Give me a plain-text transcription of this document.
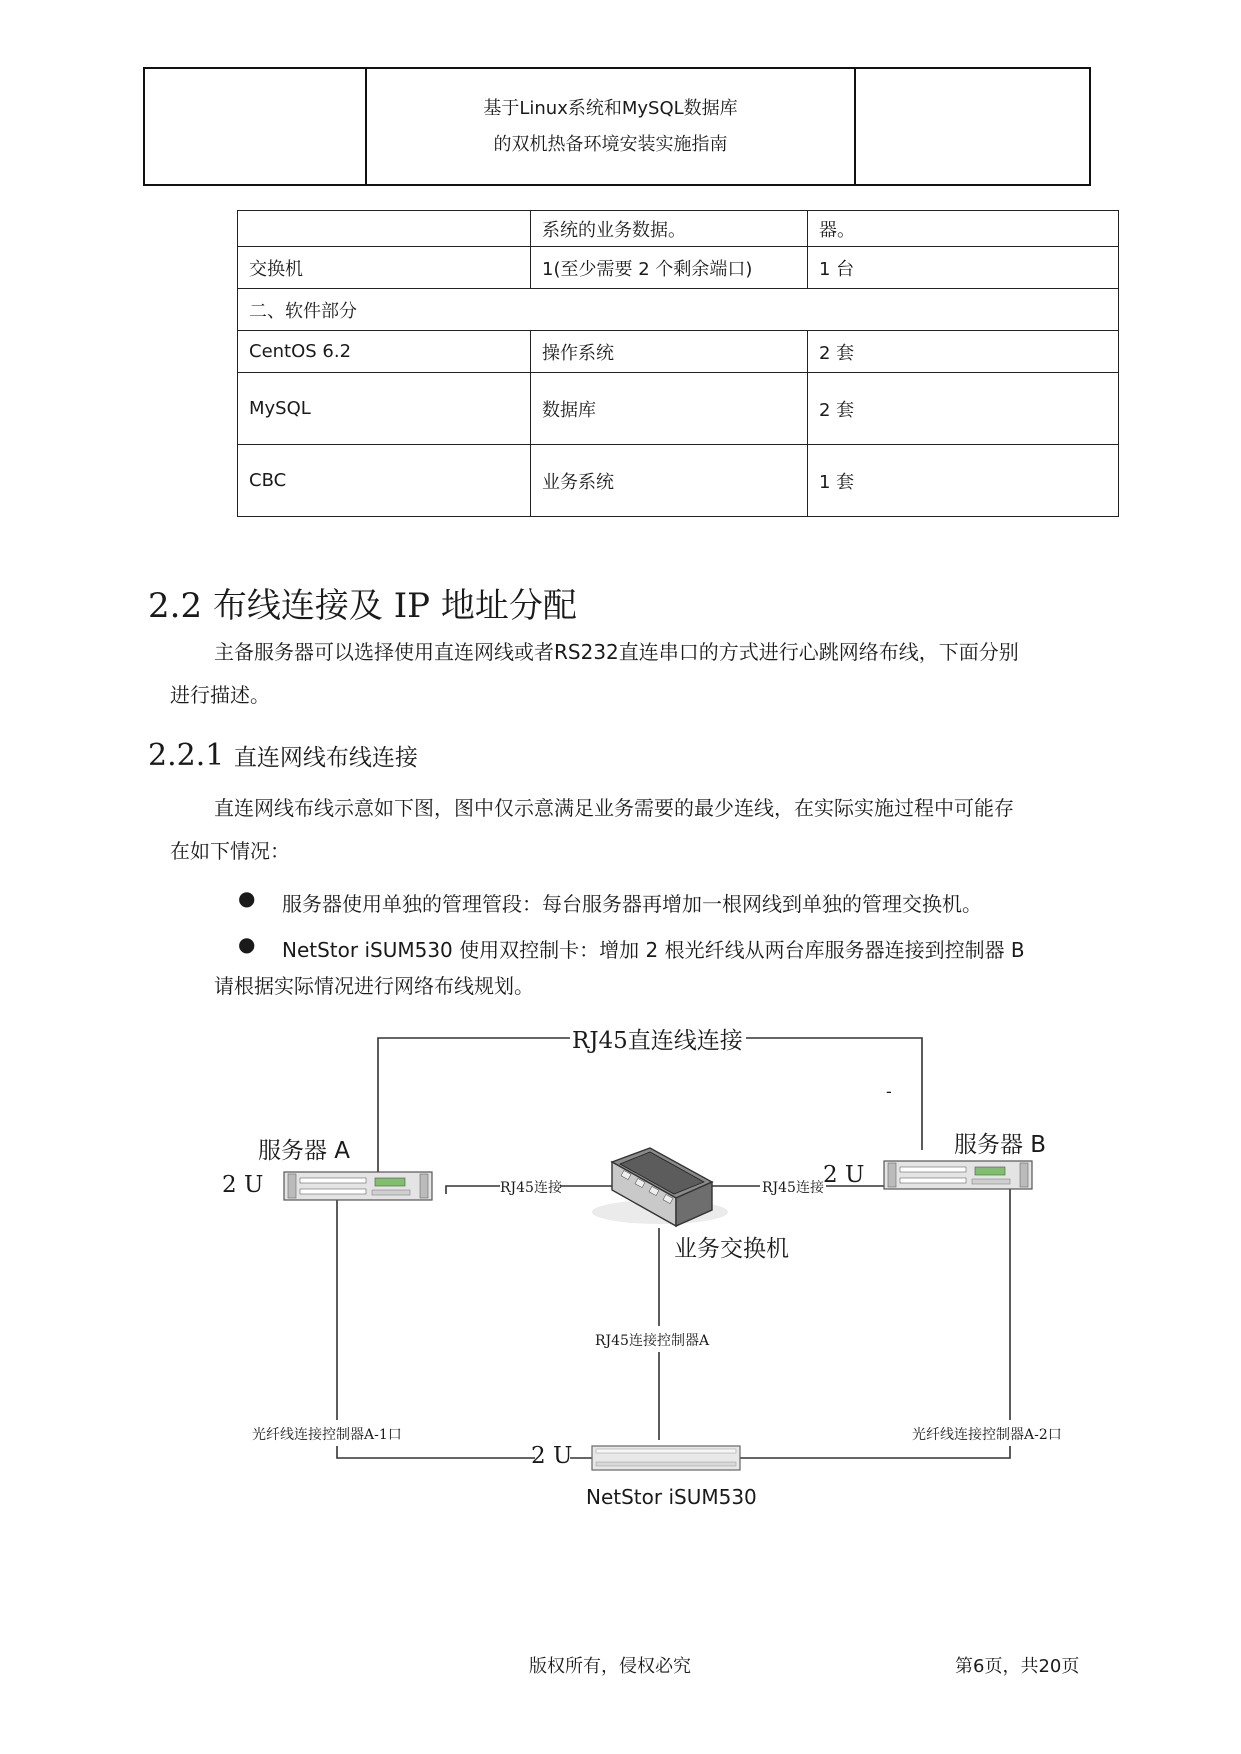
基于Linux系统和MySQL数据库
的双机热备环境安装实施指南

	系统的业务数据。	器。
交换机	1(至少需要 2 个剩余端口)	1 台
二、软件部分		
CentOS 6.2	操作系统	2 套
MySQL	数据库	2 套
CBC	业务系统	1 套
2.2 布线连接及 IP 地址分配
主备服务器可以选择使用直连网线或者RS232直连串口的方式进行心跳网络布线，下面分别
进行描述。
2.2.1 直连网线布线连接
直连网线布线示意如下图，图中仅示意满足业务需要的最少连线，在实际实施过程中可能存
在如下情况：
● 服务器使用单独的管理管段：每台服务器再增加一根网线到单独的管理交换机。
● NetStor iSUM530 使用双控制卡：增加 2 根光纤线从两台库服务器连接到控制器 B
请根据实际情况进行网络布线规划。
RJ45直连线连接
-
服务器 A	服务器 B
2 U	2 U
RJ45连接	RJ45连接
业务交换机
RJ45连接控制器A
光纤线连接控制器A-1口	光纤线连接控制器A-2口
2 U
NetStor iSUM530
版权所有，侵权必究	第6页，共20页
